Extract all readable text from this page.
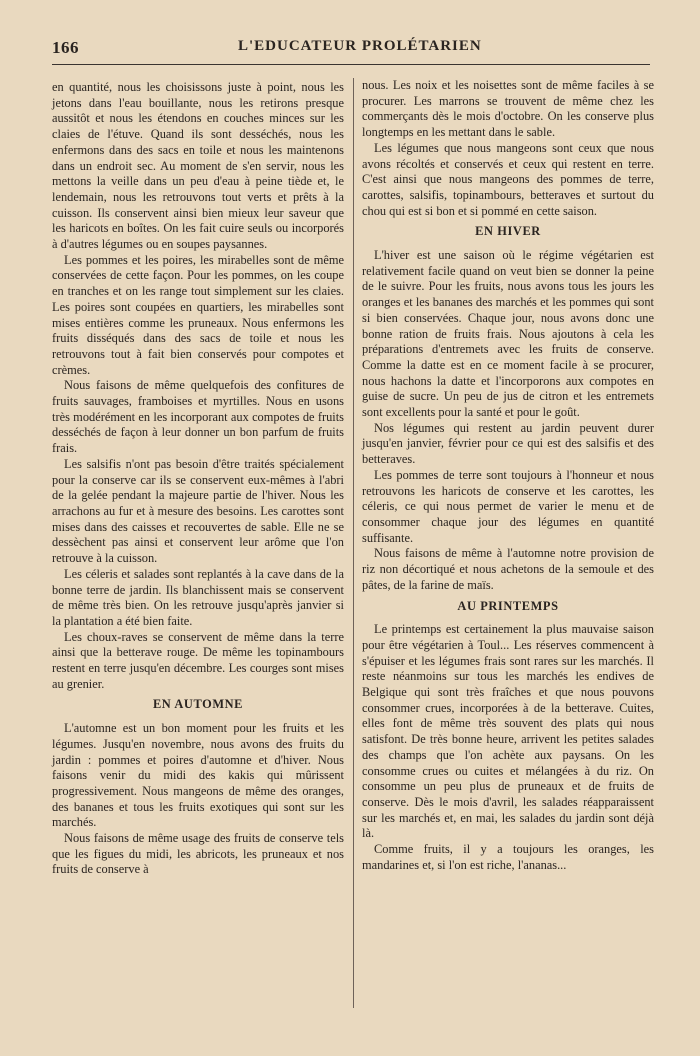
166	L'EDUCATEUR PROLÉTARIEN

en quantité, nous les choisissons juste à point, nous les jetons dans l'eau bouillante, nous les retirons presque aussitôt et nous les étendons en couches minces sur les claies de l'étuve. Quand ils sont desséchés, nous les enfermons dans des sacs en toile et nous les maintenons dans un endroit sec. Au moment de s'en servir, nous les mettons la veille dans un peu d'eau à peine tiède et, le lendemain, nous les retrouvons tout verts et prêts à la cuisson. Ils conservent ainsi bien mieux leur saveur que les haricots en boîtes. On les fait cuire seuls ou incorporés à d'autres légumes ou en soupes paysannes.

Les pommes et les poires, les mirabelles sont de même conservées de cette façon. Pour les pommes, on les coupe en tranches et on les range tout simplement sur les claies. Les poires sont coupées en quartiers, les mirabelles sont mises entières comme les pruneaux. Nous enfermons les fruits disséqués dans des sacs de toile et nous les retrouvons tout à fait bien conservés pour compotes et crèmes.

Nous faisons de même quelquefois des confitures de fruits sauvages, framboises et myrtilles. Nous en usons très modérément en les incorporant aux compotes de fruits desséchés de façon à leur donner un bon parfum de fruits frais.

Les salsifis n'ont pas besoin d'être traités spécialement pour la conserve car ils se conservent eux-mêmes à l'abri de la gelée pendant la majeure partie de l'hiver. Nous les arrachons au fur et à mesure des besoins. Les carottes sont mises dans des caisses et recouvertes de sable. Elle ne se dessèchent pas ainsi et conservent leur arôme que l'on retrouve à la cuisson.

Les céleris et salades sont replantés à la cave dans de la bonne terre de jardin. Ils blanchissent mais se conservent de même très bien. On les retrouve jusqu'après janvier si la plantation a été bien faite.

Les choux-raves se conservent de même dans la terre ainsi que la betterave rouge. De même les topinambours restent en terre jusqu'en décembre. Les courges sont mises au grenier.

EN AUTOMNE

L'automne est un bon moment pour les fruits et les légumes. Jusqu'en novembre, nous avons des fruits du jardin : pommes et poires d'automne et d'hiver. Nous faisons venir du midi des kakis qui mûrissent progressivement. Nous mangeons de même des oranges, des bananes et tous les fruits exotiques qui sont sur les marchés.

Nous faisons de même usage des fruits de conserve tels que les figues du midi, les abricots, les pruneaux et nos fruits de conserve à

nous. Les noix et les noisettes sont de même faciles à se procurer. Les marrons se trouvent de même chez les commerçants dès le mois d'octobre. On les conserve plus longtemps en les mettant dans le sable.

Les légumes que nous mangeons sont ceux que nous avons récoltés et conservés et ceux qui restent en terre. C'est ainsi que nous mangeons des pommes de terre, carottes, salsifis, topinambours, betteraves et surtout du chou qui est si bon et si pommé en cette saison.

EN HIVER

L'hiver est une saison où le régime végétarien est relativement facile quand on veut bien se donner la peine de le suivre. Pour les fruits, nous avons tous les jours les oranges et les bananes des marchés et les pommes qui sont si bien conservées. Chaque jour, nous avons donc une bonne ration de fruits frais. Nous ajoutons à cela les préparations d'entremets avec les fruits de conserve. Comme la datte est en ce moment facile à se procurer, nous hachons la datte et l'incorporons aux compotes en guise de sucre. Un peu de jus de citron et les entremets sont excellents pour la santé et pour le goût.

Nos légumes qui restent au jardin peuvent durer jusqu'en janvier, février pour ce qui est des salsifis et des betteraves.

Les pommes de terre sont toujours à l'honneur et nous retrouvons les haricots de conserve et les carottes, les céleris, ce qui nous permet de varier le menu et de consommer chaque jour des légumes en quantité suffisante.

Nous faisons de même à l'automne notre provision de riz non décortiqué et nous achetons de la semoule et des pâtes, de la farine de maïs.

AU PRINTEMPS

Le printemps est certainement la plus mauvaise saison pour être végétarien à Toul... Les réserves commencent à s'épuiser et les légumes frais sont rares sur les marchés. Il reste néanmoins sur tous les marchés les endives de Belgique qui sont très fraîches et que nous pouvons consommer crues, incorporées à de la betterave. Cuites, elles font de même très souvent des plats qui nous satisfont. De très bonne heure, arrivent les petites salades des champs que l'on achète aux paysans. On les consomme crues ou cuites et mélangées à du riz. On consomme un peu plus de pruneaux et de fruits de conserve. Dès le mois d'avril, les salades réapparaissent sur les marchés et, en mai, les salades du jardin sont déjà là.

Comme fruits, il y a toujours les oranges, les mandarines et, si l'on est riche, l'ananas...
